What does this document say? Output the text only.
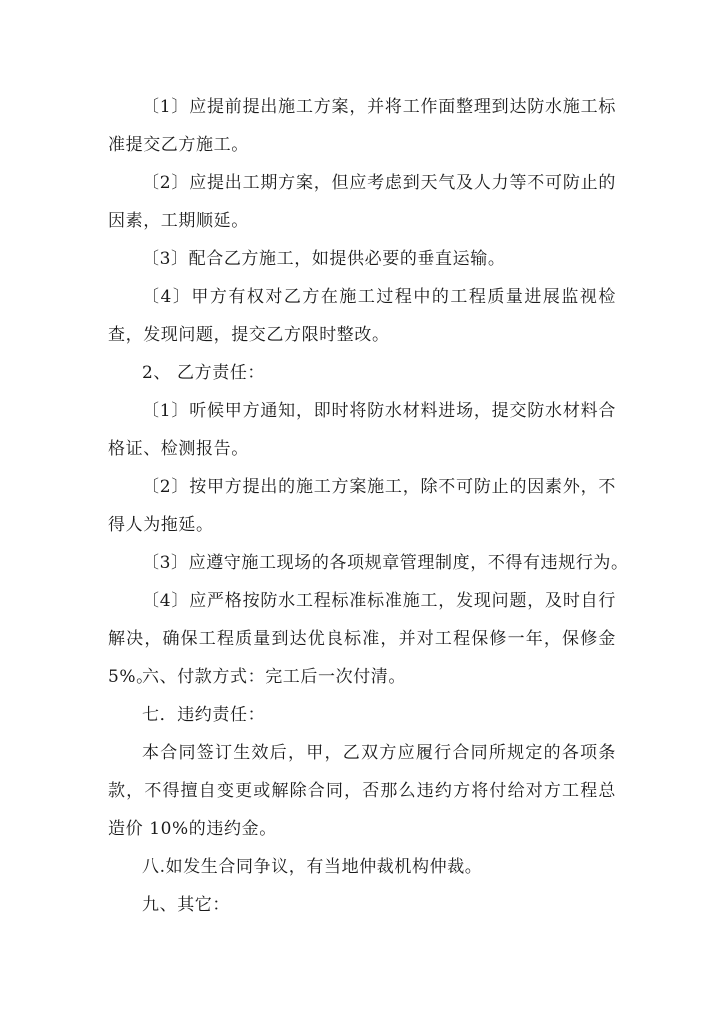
〔1〕应提前提出施工方案，并将工作面整理到达防水施工标准提交乙方施工。

〔2〕应提出工期方案，但应考虑到天气及人力等不可防止的因素，工期顺延。

〔3〕配合乙方施工，如提供必要的垂直运输。

〔4〕甲方有权对乙方在施工过程中的工程质量进展监视检查，发现问题，提交乙方限时整改。

2、 乙方责任：

〔1〕听候甲方通知，即时将防水材料进场，提交防水材料合格证、检测报告。

〔2〕按甲方提出的施工方案施工，除不可防止的因素外，不得人为拖延。

〔3〕应遵守施工现场的各项规章管理制度，不得有违规行为。

〔4〕应严格按防水工程标准标准施工，发现问题，及时自行解决，确保工程质量到达优良标准，并对工程保修一年，保修金 5%。

六、付款方式：完工后一次付清。

七．违约责任：

本合同签订生效后，甲，乙双方应履行合同所规定的各项条款，不得擅自变更或解除合同，否那么违约方将付给对方工程总造价 10%的违约金。

八.如发生合同争议，有当地仲裁机构仲裁。

九、其它：
